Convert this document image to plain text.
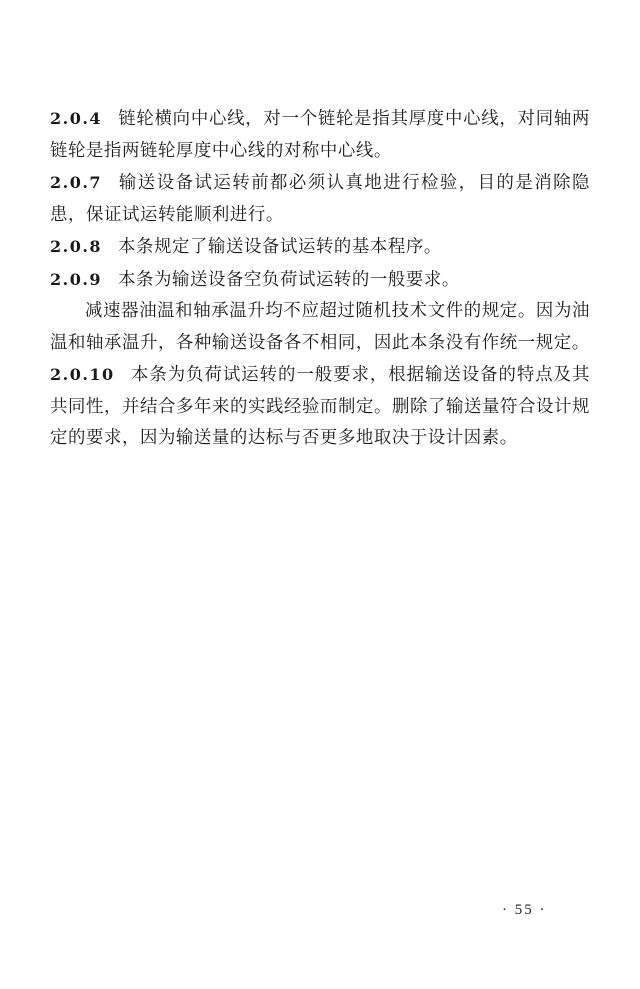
2.0.4 链轮横向中心线，对一个链轮是指其厚度中心线，对同轴两链轮是指两链轮厚度中心线的对称中心线。

2.0.7 输送设备试运转前都必须认真地进行检验，目的是消除隐患，保证试运转能顺利进行。

2.0.8 本条规定了输送设备试运转的基本程序。

2.0.9 本条为输送设备空负荷试运转的一般要求。

减速器油温和轴承温升均不应超过随机技术文件的规定。因为油温和轴承温升，各种输送设备各不相同，因此本条没有作统一规定。

2.0.10 本条为负荷试运转的一般要求，根据输送设备的特点及其共同性，并结合多年来的实践经验而制定。删除了输送量符合设计规定的要求，因为输送量的达标与否更多地取决于设计因素。

· 55 ·
